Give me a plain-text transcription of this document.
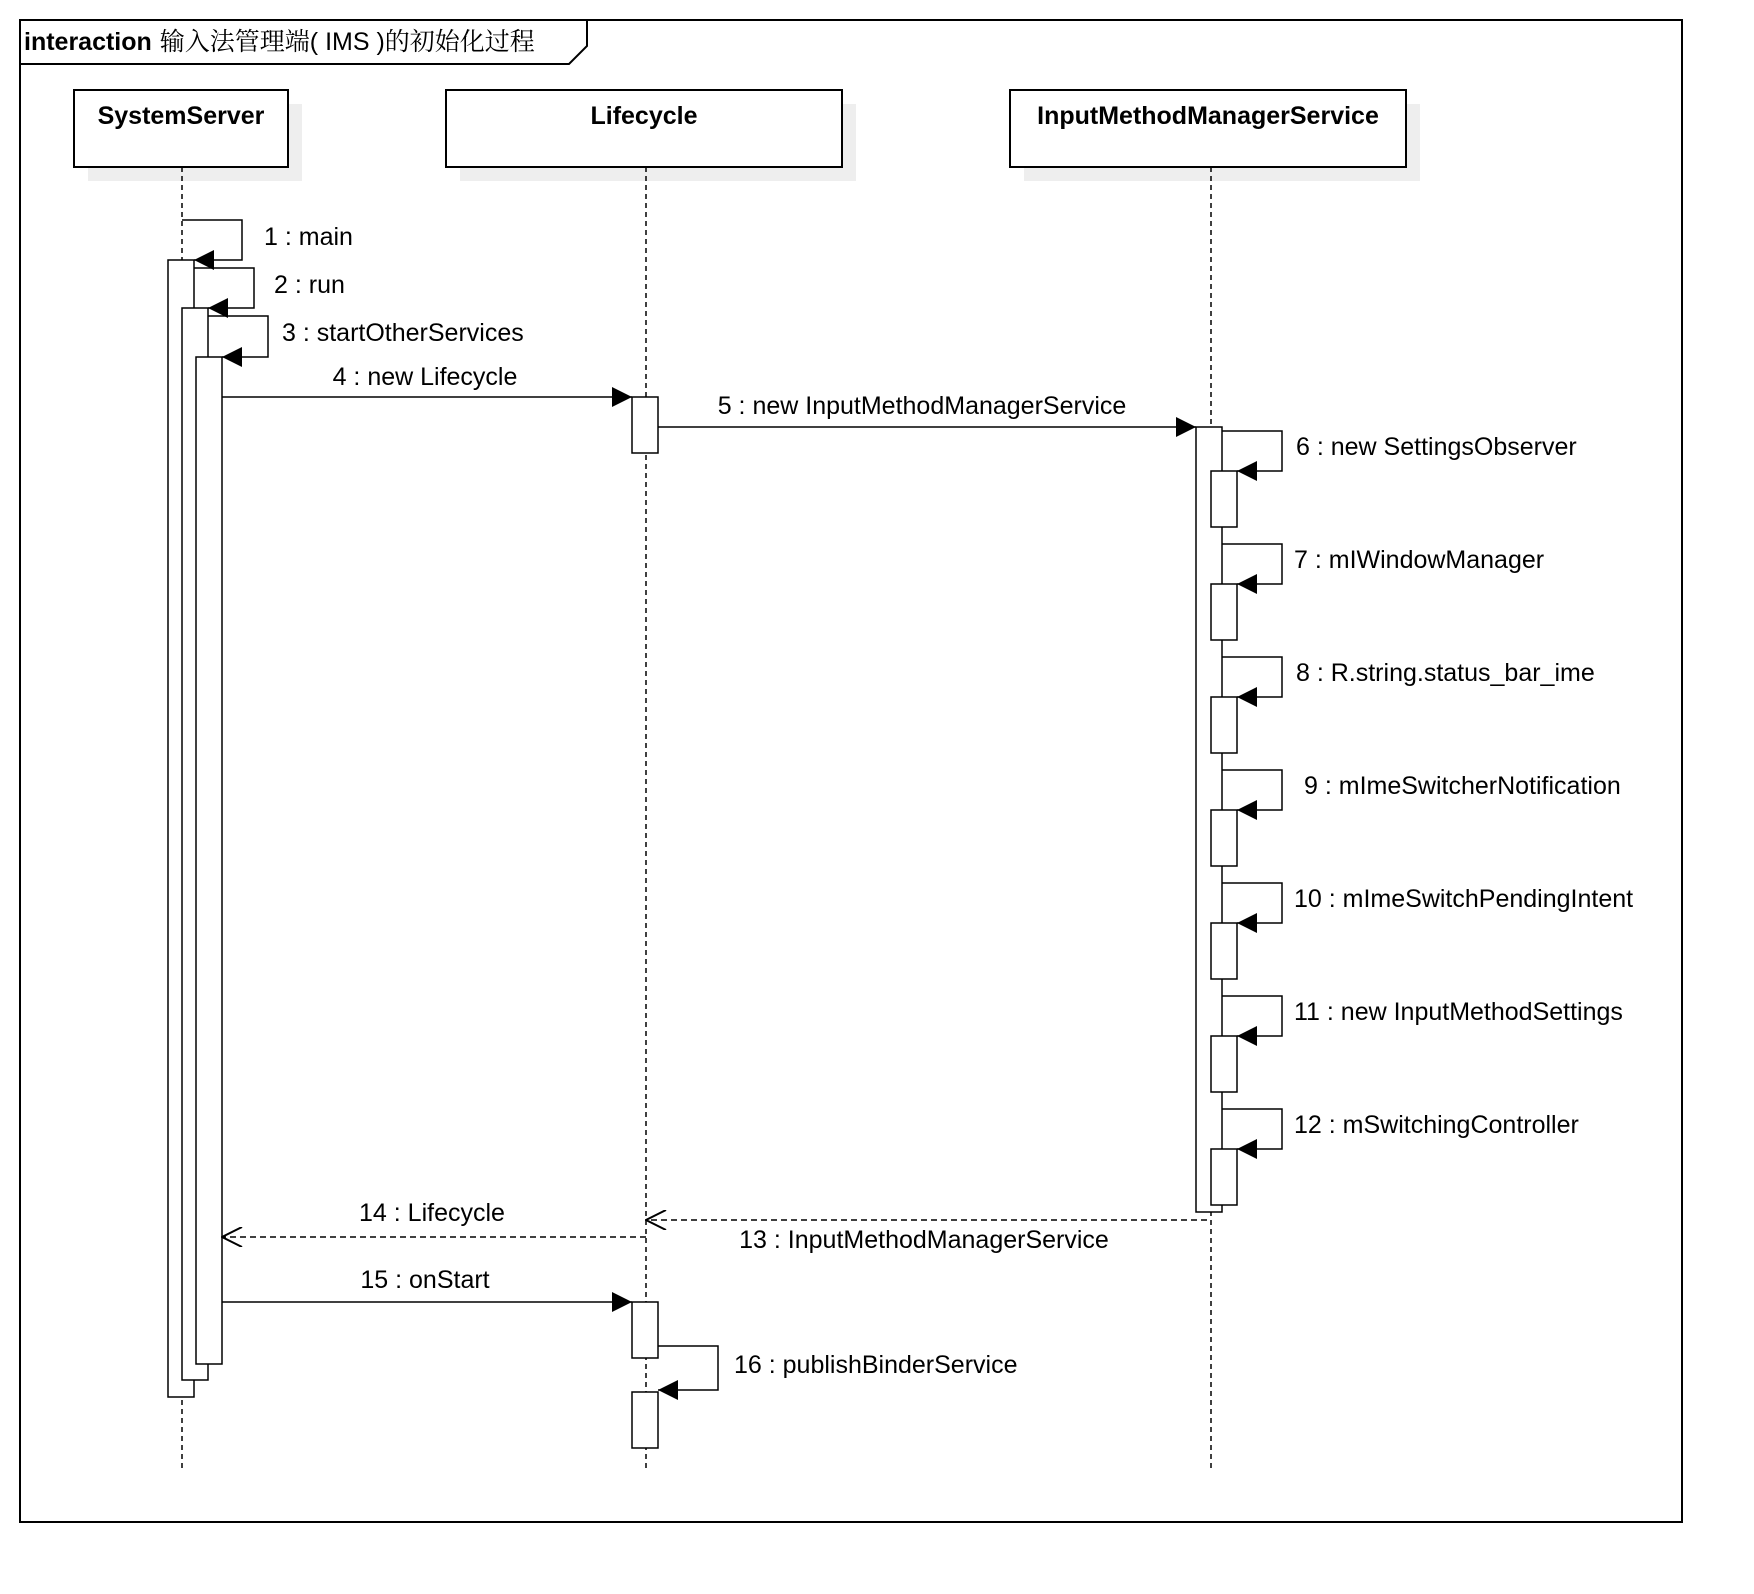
interaction 输入法管理端( IMS )的初始化过程
SystemServer	Lifecycle	InputMethodManagerService
1 : main
2 : run
3 : startOtherServices
4 : new Lifecycle
5 : new InputMethodManagerService
6 : new SettingsObserver
7 : mIWindowManager
8 : R.string.status_bar_ime
9 : mImeSwitcherNotification
10 : mImeSwitchPendingIntent
11 : new InputMethodSettings
12 : mSwitchingController
13 : InputMethodManagerService
14 : Lifecycle
15 : onStart
16 : publishBinderService
